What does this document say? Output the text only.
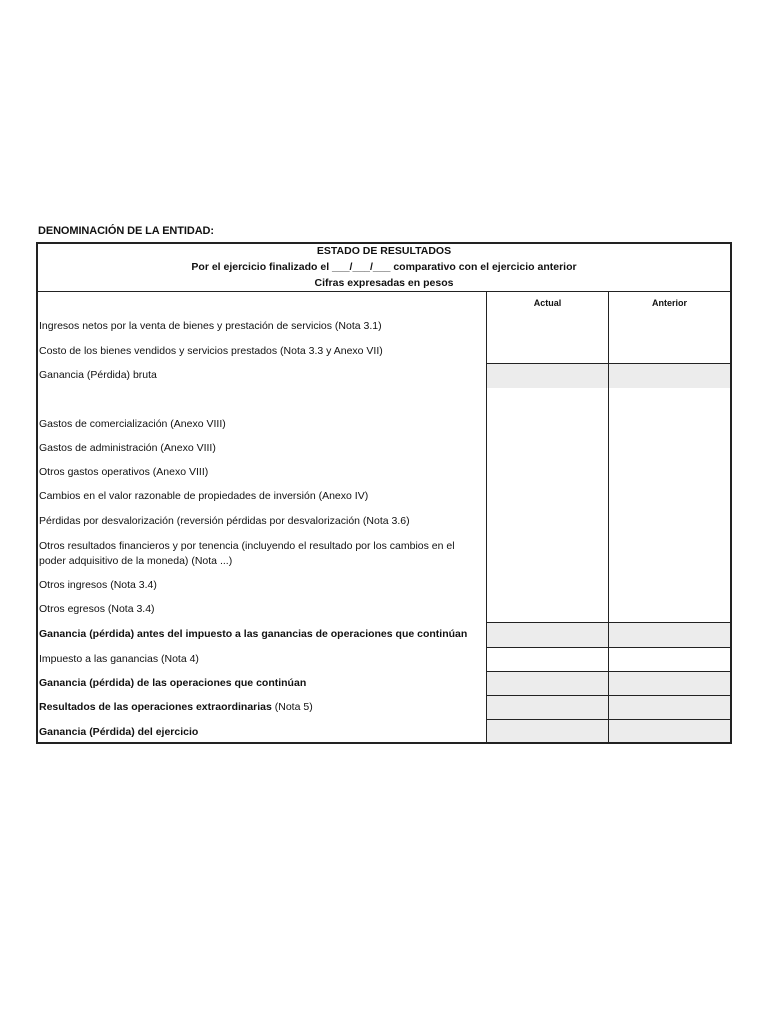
DENOMINACIÓN DE LA ENTIDAD:
ESTADO DE RESULTADOS
Por el ejercicio finalizado el ___/___/___ comparativo con el ejercicio anterior
Cifras expresadas en pesos
Actual	Anterior
Ingresos netos por la venta de bienes y prestación de servicios (Nota 3.1)
Costo de los bienes vendidos y servicios prestados (Nota 3.3 y Anexo VII)
Ganancia (Pérdida) bruta
Gastos de comercialización (Anexo VIII)
Gastos de administración (Anexo VIII)
Otros gastos operativos (Anexo VIII)
Cambios en el valor razonable de propiedades de inversión (Anexo IV)
Pérdidas por desvalorización (reversión pérdidas por desvalorización (Nota 3.6)
Otros resultados financieros y por tenencia (incluyendo el resultado por los cambios en el poder adquisitivo de la moneda) (Nota ...)
Otros ingresos (Nota 3.4)
Otros egresos (Nota 3.4)
Ganancia (pérdida) antes del impuesto a las ganancias de operaciones que continúan
Impuesto a las ganancias (Nota 4)
Ganancia (pérdida) de las operaciones que continúan
Resultados de las operaciones extraordinarias (Nota 5)
Ganancia (Pérdida) del ejercicio
